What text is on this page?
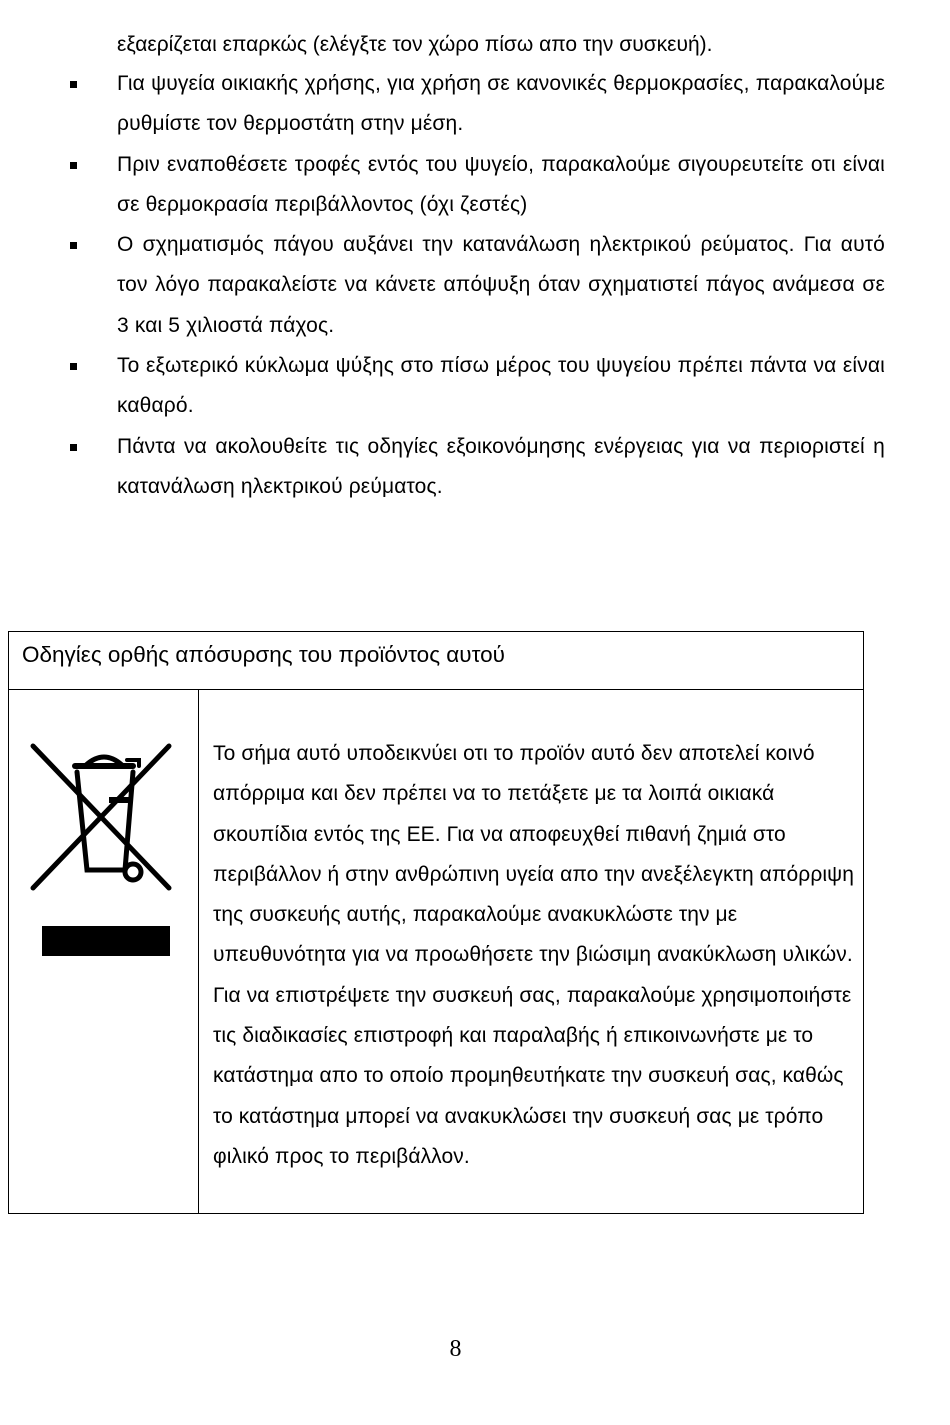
εξαερίζεται επαρκώς (ελέγξτε τον χώρο πίσω απο την συσκευή).

Για ψυγεία οικιακής χρήσης, για χρήση σε κανονικές θερμοκρασίες, παρακαλούμε ρυθμίστε τον θερμοστάτη στην μέση.
Πριν εναποθέσετε τροφές εντός του ψυγείο, παρακαλούμε σιγουρευτείτε οτι είναι σε θερμοκρασία περιβάλλοντος (όχι ζεστές)
Ο σχηματισμός πάγου αυξάνει την κατανάλωση ηλεκτρικού ρεύματος. Για αυτό τον λόγο παρακαλείστε να κάνετε απόψυξη όταν σχηματιστεί πάγος ανάμεσα σε 3 και 5 χιλιοστά πάχος.
Το εξωτερικό κύκλωμα ψύξης στο πίσω μέρος του ψυγείου πρέπει πάντα να είναι καθαρό.
Πάντα να ακολουθείτε τις οδηγίες εξοικονόμησης ενέργειας για να περιοριστεί η κατανάλωση ηλεκτρικού ρεύματος.
Οδηγίες ορθής απόσυρσης του προϊόντος αυτού

Το σήμα αυτό υποδεικνύει οτι το προϊόν αυτό δεν αποτελεί κοινό απόρριμα και δεν πρέπει να το πετάξετε με τα λοιπά οικιακά σκουπίδια εντός της ΕΕ. Για να αποφευχθεί πιθανή ζημιά στο περιβάλλον ή στην ανθρώπινη υγεία απο την ανεξέλεγκτη απόρριψη της συσκευής αυτής, παρακαλούμε ανακυκλώστε την με υπευθυνότητα για να προωθήσετε την βιώσιμη ανακύκλωση υλικών. Για να επιστρέψετε την συσκευή σας, παρακαλούμε χρησιμοποιήστε τις διαδικασίες επιστροφή και παραλαβής ή επικοινωνήστε με το κατάστημα απο το οποίο προμηθευτήκατε την συσκευή σας, καθώς το κατάστημα μπορεί να ανακυκλώσει την συσκευή σας με τρόπο φιλικό προς το περιβάλλον.

8
